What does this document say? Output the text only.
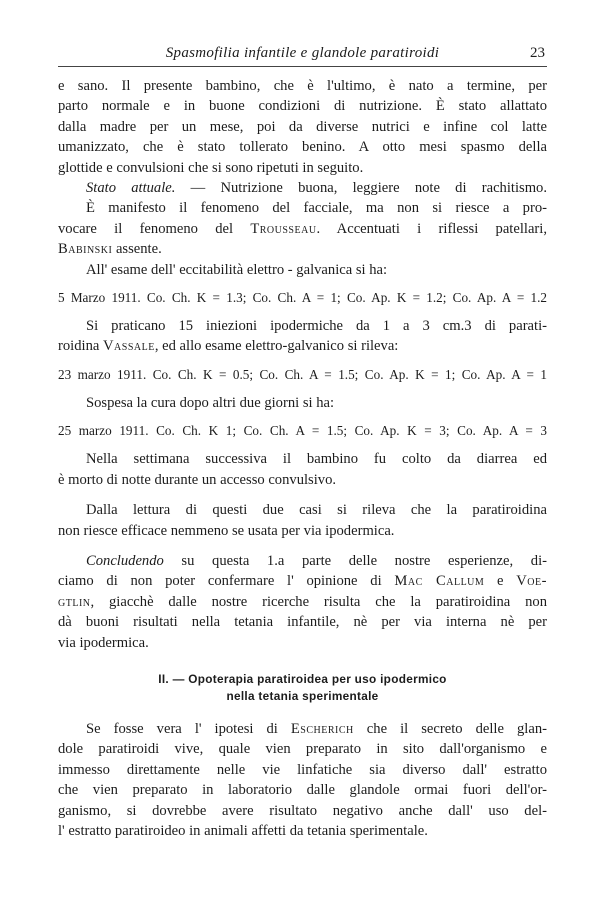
Spasmofilia infantile e glandole paratiroidi	23

e sano. Il presente bambino, che è l'ultimo, è nato a termine, per
parto normale e in buone condizioni di nutrizione. È stato allattato
dalla madre per un mese, poi da diverse nutrici e infine col latte
umanizzato, che è stato tollerato benino. A otto mesi spasmo della
glottide e convulsioni che si sono ripetuti in seguito.

Stato attuale. — Nutrizione buona, leggiere note di rachitismo.
È manifesto il fenomeno del facciale, ma non si riesce a pro-
vocare il fenomeno del Trousseau. Accentuati i riflessi patellari,
Babinski assente.

All' esame dell' eccitabilità elettro - galvanica si ha:

5 Marzo 1911. Co. Ch. K = 1.3; Co. Ch. A = 1; Co. Ap. K = 1.2; Co. Ap. A = 1.2

Si praticano 15 iniezioni ipodermiche da 1 a 3 cm.3 di parati-
roidina Vassale, ed allo esame elettro-galvanico si rileva:

23 marzo 1911. Co. Ch. K = 0.5; Co. Ch. A = 1.5; Co. Ap. K = 1; Co. Ap. A = 1

Sospesa la cura dopo altri due giorni si ha:

25 marzo 1911. Co. Ch. K 1; Co. Ch. A = 1.5; Co. Ap. K = 3; Co. Ap. A = 3

Nella settimana successiva il bambino fu colto da diarrea ed
è morto di notte durante un accesso convulsivo.

Dalla lettura di questi due casi si rileva che la paratiroidina
non riesce efficace nemmeno se usata per via ipodermica.

Concludendo su questa 1.a parte delle nostre esperienze, di-
ciamo di non poter confermare l' opinione di Mac Callum e Voe-
gtlin, giacchè dalle nostre ricerche risulta che la paratiroidina non
dà buoni risultati nella tetania infantile, nè per via interna nè per
via ipodermica.

II. — Opoterapia paratiroidea per uso ipodermico
nella tetania sperimentale

Se fosse vera l' ipotesi di Escherich che il secreto delle glan-
dole paratiroidi vive, quale vien preparato in sito dall'organismo e
immesso direttamente nelle vie linfatiche sia diverso dall' estratto
che vien preparato in laboratorio dalle glandole ormai fuori dell'or-
ganismo, si dovrebbe avere risultato negativo anche dall' uso del-
l' estratto paratiroideo in animali affetti da tetania sperimentale.
